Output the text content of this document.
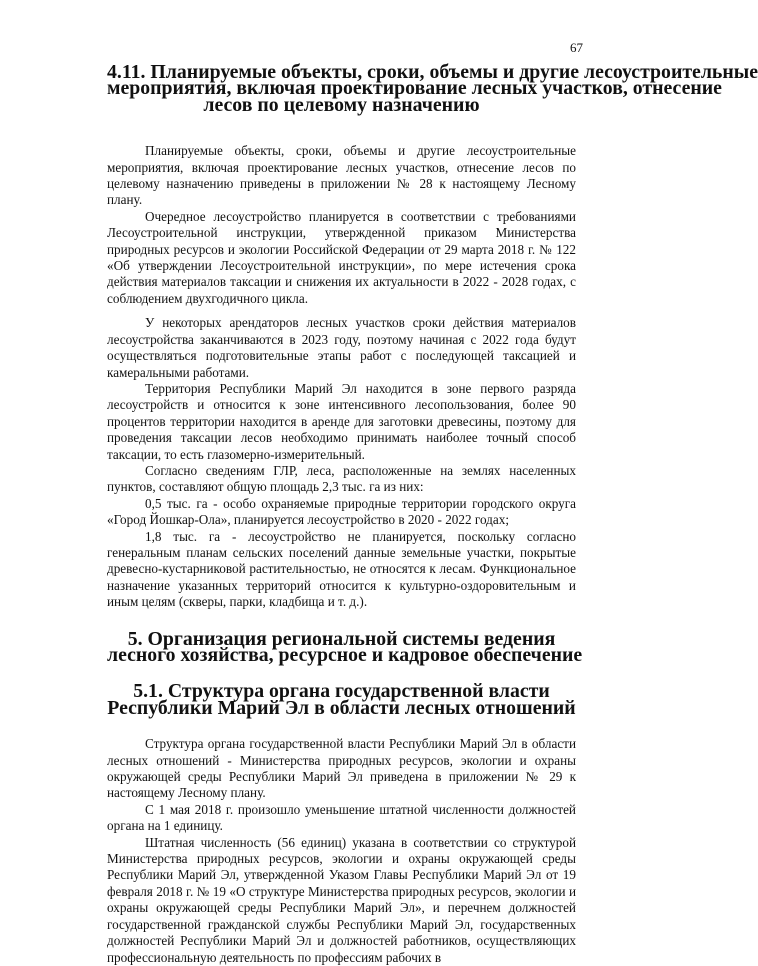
67
4.11. Планируемые объекты, сроки, объемы и другие лесоустроительные
мероприятия, включая проектирование лесных участков, отнесение
лесов по целевому назначению

Планируемые объекты, сроки, объемы и другие лесоустроительные мероприятия, включая проектирование лесных участков, отнесение лесов по целевому назначению приведены в приложении № 28 к настоящему Лесному плану.

Очередное лесоустройство планируется в соответствии с требованиями Лесоустроительной инструкции, утвержденной приказом Министерства природных ресурсов и экологии Российской Федерации от 29 марта 2018 г. № 122 «Об утверждении Лесоустроительной инструкции», по мере истечения срока действия материалов таксации и снижения их актуальности в 2022 - 2028 годах, с соблюдением двухгодичного цикла.

У некоторых арендаторов лесных участков сроки действия материалов лесоустройства заканчиваются в 2023 году, поэтому начиная с 2022 года будут осуществляться подготовительные этапы работ с последующей таксацией и камеральными работами.

Территория Республики Марий Эл находится в зоне первого разряда лесоустройств и относится к зоне интенсивного лесопользования, более 90 процентов территории находится в аренде для заготовки древесины, поэтому для проведения таксации лесов необходимо принимать наиболее точный способ таксации, то есть глазомерно-измерительный.

Согласно сведениям ГЛР, леса, расположенные на землях населенных пунктов, составляют общую площадь 2,3 тыс. га из них:

0,5 тыс. га - особо охраняемые природные территории городского округа «Город Йошкар-Ола», планируется лесоустройство в 2020 - 2022 годах;

1,8 тыс. га - лесоустройство не планируется, поскольку согласно генеральным планам сельских поселений данные земельные участки, покрытые древесно-кустарниковой растительностью, не относятся к лесам. Функциональное назначение указанных территорий относится к культурно-оздоровительным и иным целям (скверы, парки, кладбища и т. д.).

5. Организация региональной системы ведения
лесного хозяйства, ресурсное и кадровое обеспечение
5.1. Структура органа государственной власти
Республики Марий Эл в области лесных отношений

Структура органа государственной власти Республики Марий Эл в области лесных отношений - Министерства природных ресурсов, экологии и охраны окружающей среды Республики Марий Эл приведена в приложении № 29 к настоящему Лесному плану.

С 1 мая 2018 г. произошло уменьшение штатной численности должностей органа на 1 единицу.

Штатная численность (56 единиц) указана в соответствии со структурой Министерства природных ресурсов, экологии и охраны окружающей среды Республики Марий Эл, утвержденной Указом Главы Республики Марий Эл от 19 февраля 2018 г. № 19 «О структуре Министерства природных ресурсов, экологии и охраны окружающей среды Республики Марий Эл», и перечнем должностей государственной гражданской службы Республики Марий Эл, государственных должностей Республики Марий Эл и должностей работников, осуществляющих профессиональную деятельность по профессиям рабочих в
